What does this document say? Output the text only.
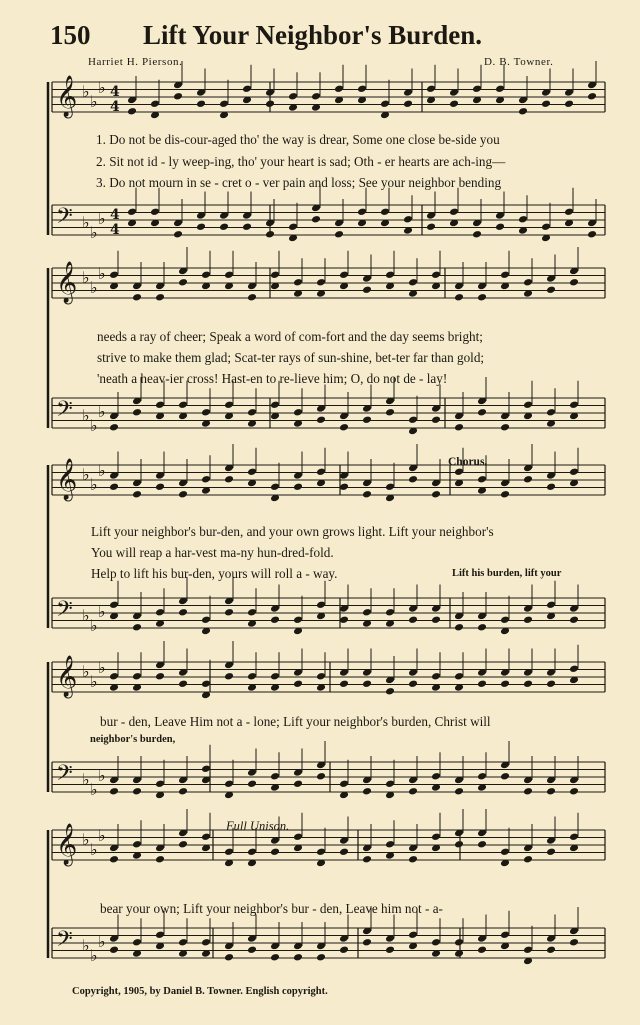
150 Lift Your Neighbor's Burden.
Harriet H. Pierson.	D. B. Towner.
𝄞 ♭
♭
♭ 4
4
𝄢 ♭
♭
♭ 4
4
𝄞 ♭
♭
♭
𝄢 ♭
♭
♭
𝄞 ♭
♭
♭
𝄢 ♭
♭
♭
𝄞 ♭
♭
♭
𝄢 ♭
♭
♭
𝄞 ♭
♭
♭
𝄢 ♭
♭
♭
1. Do not be dis-cour-aged tho' the way is drear, Some one close be-side you
2. Sit not id - ly weep-ing, tho' your heart is sad; Oth - er hearts are ach-ing—
3. Do not mourn in se - cret o - ver pain and loss; See your neighbor bending
needs a ray of cheer; Speak a word of com-fort and the day seems bright;
strive to make them glad; Scat-ter rays of sun-shine, bet-ter far than gold;
'neath a heav-ier cross! Hast-en to re-lieve him; O, do not de - lay!
Chorus.
Lift your neighbor's bur-den, and your own grows light. Lift your neighbor's
You will reap a har-vest ma-ny hun-dred-fold.
Help to lift his bur-den, yours will roll a - way.	Lift his burden, lift your
bur - den, Leave Him not a - lone; Lift your neighbor's burden, Christ will
neighbor's burden,
Full Unison.
bear your own; Lift your neighbor's bur - den, Leave him not - a-
Copyright, 1905, by Daniel B. Towner. English copyright.
